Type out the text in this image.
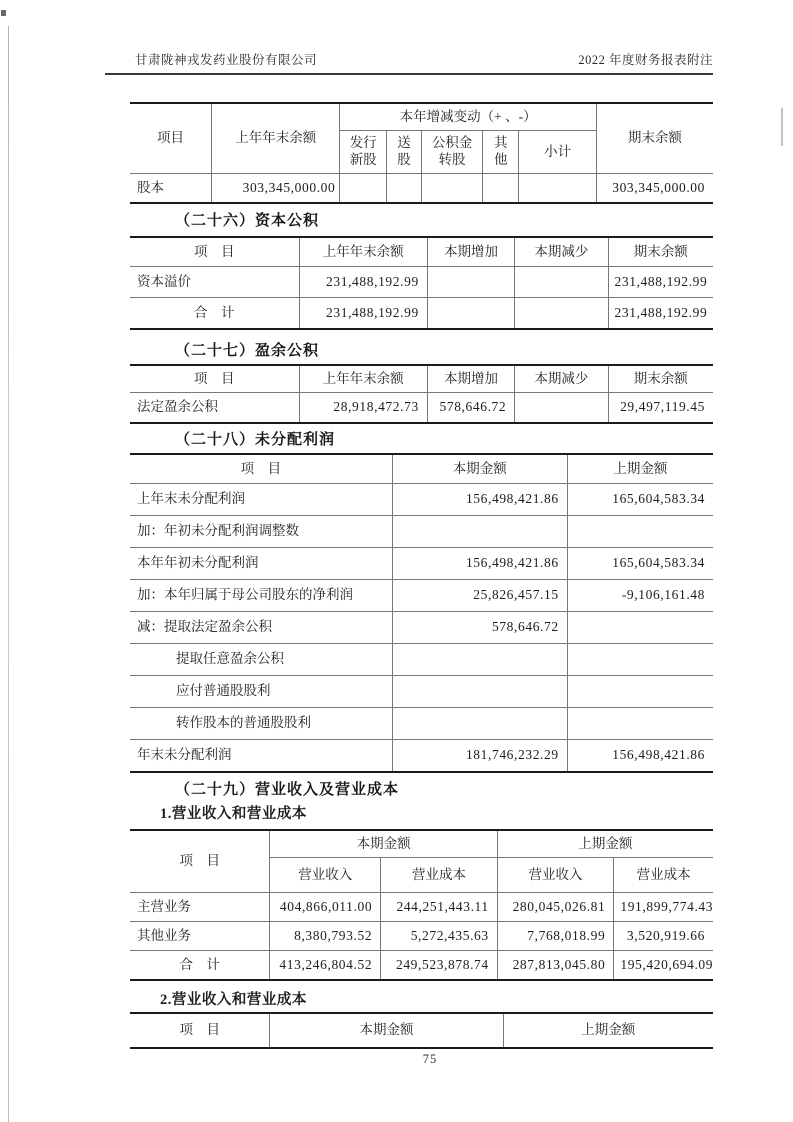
甘肃陇神戎发药业股份有限公司	2022 年度财务报表附注
项目	上年年末余额	本年增减变动（+ 、-）					期末余额
		发行新股	送股	公积金转股	其他	小计	
股本	303,345,000.00						303,345,000.00
（二十六）资本公积
项　目	上年年末余额	本期增加	本期减少	期末余额
资本溢价	231,488,192.99			231,488,192.99
合　计	231,488,192.99			231,488,192.99
（二十七）盈余公积
项　目	上年年末余额	本期增加	本期减少	期末余额
法定盈余公积	28,918,472.73	578,646.72		29,497,119.45
（二十八）未分配利润
项　目	本期金额	上期金额
上年末未分配利润	156,498,421.86	165,604,583.34
加：年初未分配利润调整数		
本年年初未分配利润	156,498,421.86	165,604,583.34
加：本年归属于母公司股东的净利润	25,826,457.15	-9,106,161.48
减：提取法定盈余公积	578,646.72	
提取任意盈余公积		
应付普通股股利		
转作股本的普通股股利		
年末未分配利润	181,746,232.29	156,498,421.86
（二十九）营业收入及营业成本
1.营业收入和营业成本
项　目	本期金额		上期金额	
	营业收入	营业成本	营业收入	营业成本
主营业务	404,866,011.00	244,251,443.11	280,045,026.81	191,899,774.43
其他业务	8,380,793.52	5,272,435.63	7,768,018.99	3,520,919.66
合　计	413,246,804.52	249,523,878.74	287,813,045.80	195,420,694.09
2.营业收入和营业成本
项　目	本期金额	上期金额
75
